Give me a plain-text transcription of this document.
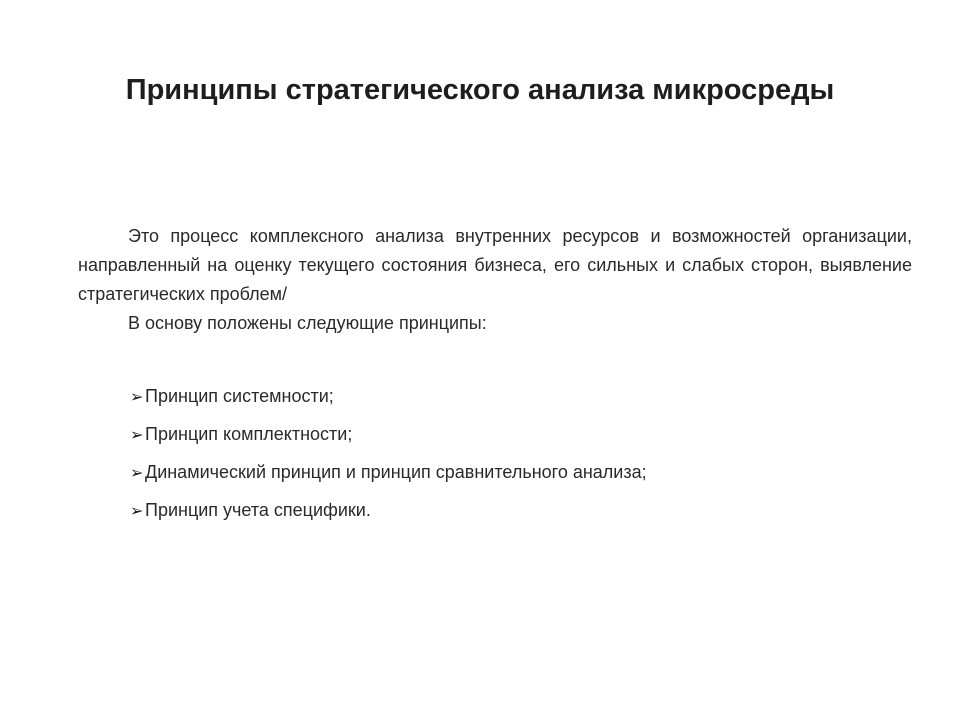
Принципы стратегического анализа микросреды

Это процесс комплексного анализа внутренних ресурсов и возможностей организации, направленный на оценку текущего состояния бизнеса, его сильных и слабых сторон, выявление стратегических проблем/

В основу положены следующие принципы:

➢ Принцип системности;
➢ Принцип комплектности;
➢ Динамический принцип и принцип сравнительного анализа;
➢ Принцип учета специфики.
